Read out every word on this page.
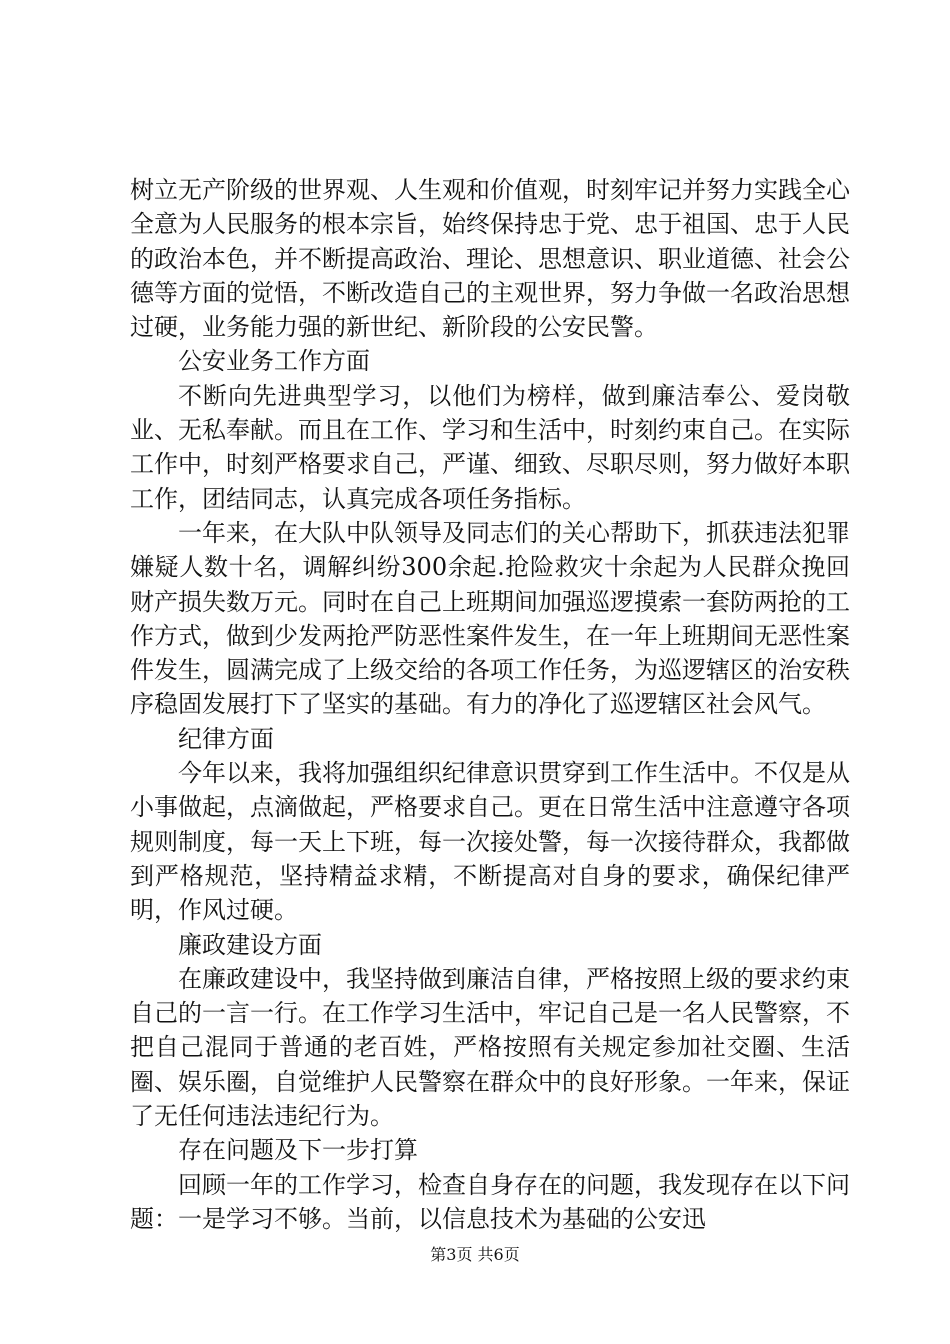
树立无产阶级的世界观、人生观和价值观，时刻牢记并努力实践全心全意为人民服务的根本宗旨，始终保持忠于党、忠于祖国、忠于人民的政治本色，并不断提高政治、理论、思想意识、职业道德、社会公德等方面的觉悟，不断改造自己的主观世界，努力争做一名政治思想过硬，业务能力强的新世纪、新阶段的公安民警。

公安业务工作方面

不断向先进典型学习，以他们为榜样，做到廉洁奉公、爱岗敬业、无私奉献。而且在工作、学习和生活中，时刻约束自己。在实际工作中，时刻严格要求自己，严谨、细致、尽职尽则，努力做好本职工作，团结同志，认真完成各项任务指标。

一年来，在大队中队领导及同志们的关心帮助下，抓获违法犯罪嫌疑人数十名，调解纠纷300余起.抢险救灾十余起为人民群众挽回财产损失数万元。同时在自己上班期间加强巡逻摸索一套防两抢的工作方式，做到少发两抢严防恶性案件发生，在一年上班期间无恶性案件发生，圆满完成了上级交给的各项工作任务，为巡逻辖区的治安秩序稳固发展打下了坚实的基础。有力的净化了巡逻辖区社会风气。

纪律方面

今年以来，我将加强组织纪律意识贯穿到工作生活中。不仅是从小事做起，点滴做起，严格要求自己。更在日常生活中注意遵守各项规则制度，每一天上下班，每一次接处警，每一次接待群众，我都做到严格规范，坚持精益求精，不断提高对自身的要求，确保纪律严明，作风过硬。

廉政建设方面

在廉政建设中，我坚持做到廉洁自律，严格按照上级的要求约束自己的一言一行。在工作学习生活中，牢记自己是一名人民警察，不把自己混同于普通的老百姓，严格按照有关规定参加社交圈、生活圈、娱乐圈，自觉维护人民警察在群众中的良好形象。一年来，保证了无任何违法违纪行为。

存在问题及下一步打算

回顾一年的工作学习，检查自身存在的问题，我发现存在以下问题：一是学习不够。当前，以信息技术为基础的公安迅

第3页 共6页
